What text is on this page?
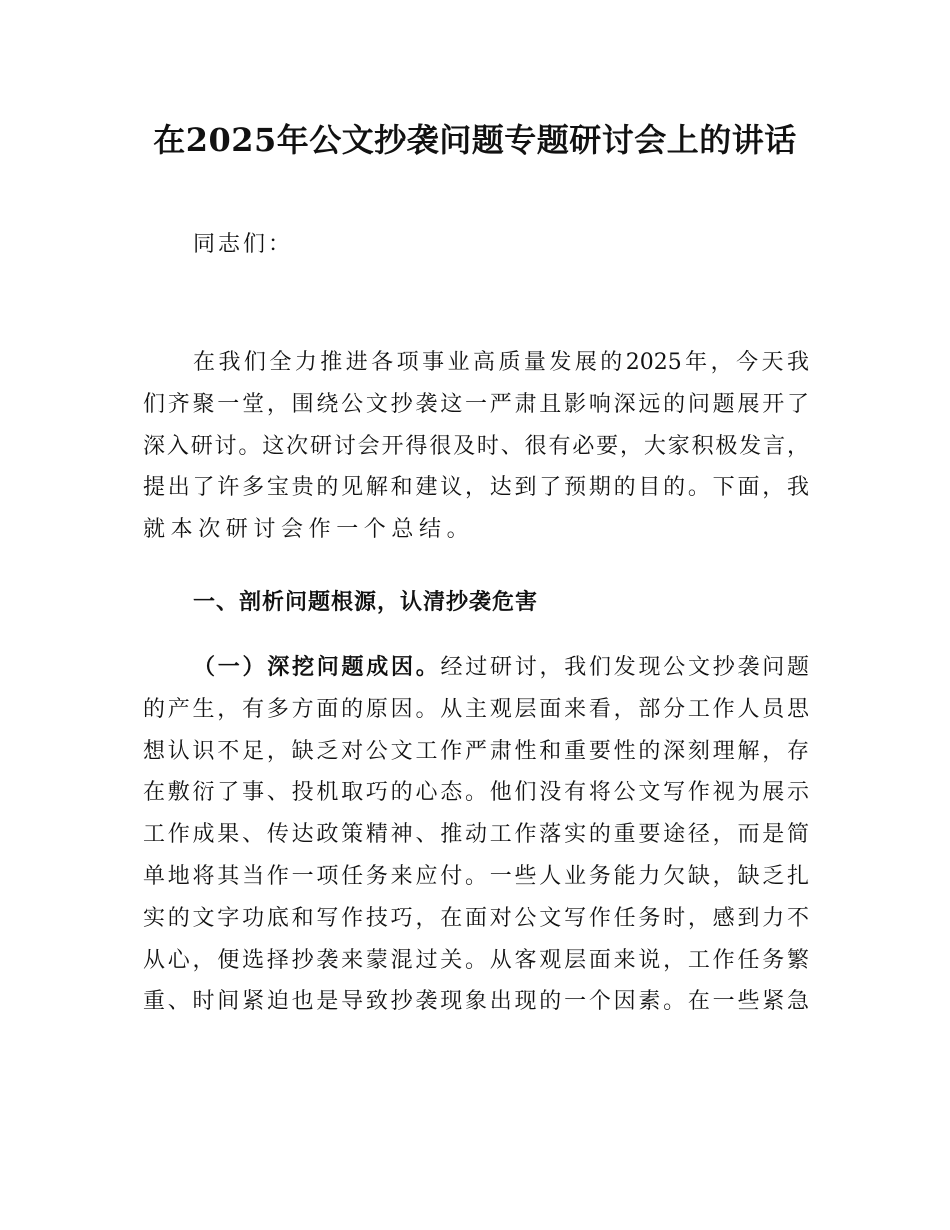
在2025年公文抄袭问题专题研讨会上的讲话
同志们：
在我们全力推进各项事业高质量发展的2025年，今天我
们齐聚一堂，围绕公文抄袭这一严肃且影响深远的问题展开了
深入研讨。这次研讨会开得很及时、很有必要，大家积极发言，
提出了许多宝贵的见解和建议，达到了预期的目的。下面，我
就本次研讨会作一个总结。
一、剖析问题根源，认清抄袭危害
（一）深挖问题成因。经过研讨，我们发现公文抄袭问题
的产生，有多方面的原因。从主观层面来看，部分工作人员思
想认识不足，缺乏对公文工作严肃性和重要性的深刻理解，存
在敷衍了事、投机取巧的心态。他们没有将公文写作视为展示
工作成果、传达政策精神、推动工作落实的重要途径，而是简
单地将其当作一项任务来应付。一些人业务能力欠缺，缺乏扎
实的文字功底和写作技巧，在面对公文写作任务时，感到力不
从心，便选择抄袭来蒙混过关。从客观层面来说，工作任务繁
重、时间紧迫也是导致抄袭现象出现的一个因素。在一些紧急
